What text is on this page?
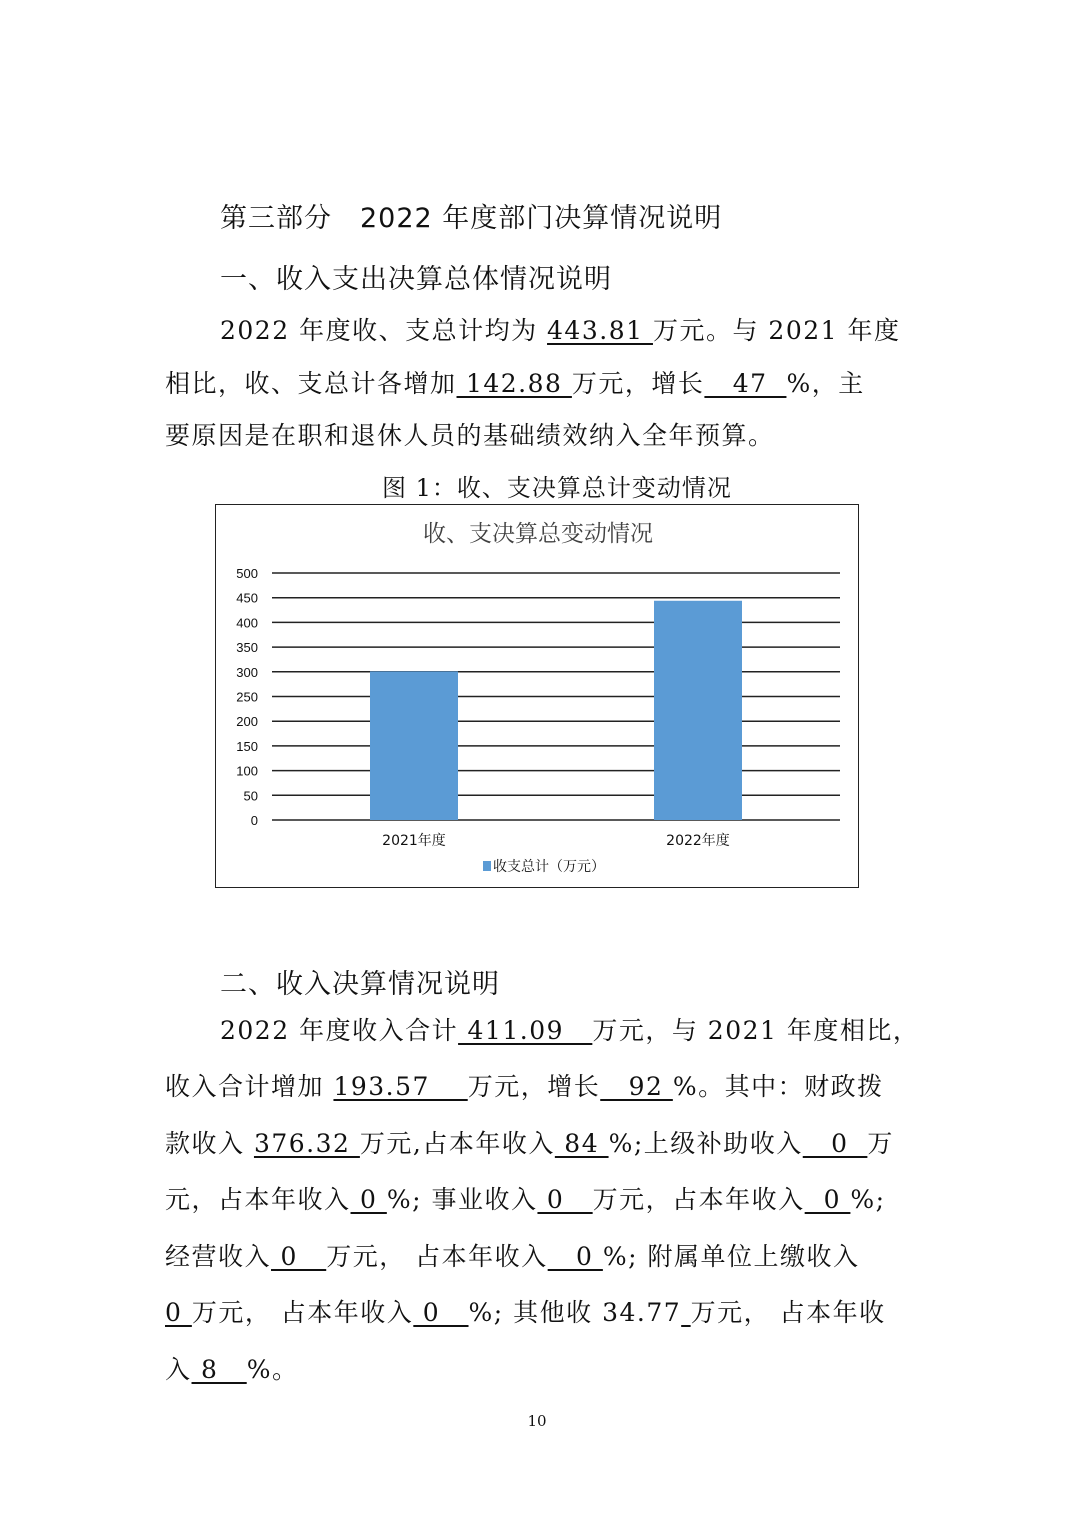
第三部分　2022 年度部门决算情况说明
一、收入支出决算总体情况说明
2022 年度收、支总计均为 443.81 万元。与 2021 年度
相比，收、支总计各增加 142.88 万元，增长   47  %，主
要原因是在职和退休人员的基础绩效纳入全年预算。
图 1：收、支决算总计变动情况
收、支决算总变动情况
0
50
100
150
200
250
300
350
400
450
500
2021年度	2022年度
收支总计（万元）
二、收入决算情况说明
2022 年度收入合计 411.09   万元，与 2021 年度相比，
收入合计增加 193.57    万元，增长   92 %。其中：财政拨
款收入 376.32 万元,占本年收入 84 %;上级补助收入   0  万
元，占本年收入 0 %; 事业收入 0   万元，占本年收入  0 %;
经营收入 0   万元， 占本年收入   0 %; 附属单位上缴收入
0 万元， 占本年收入 0   %; 其他收 34.77 万元， 占本年收
入 8   %。
10
